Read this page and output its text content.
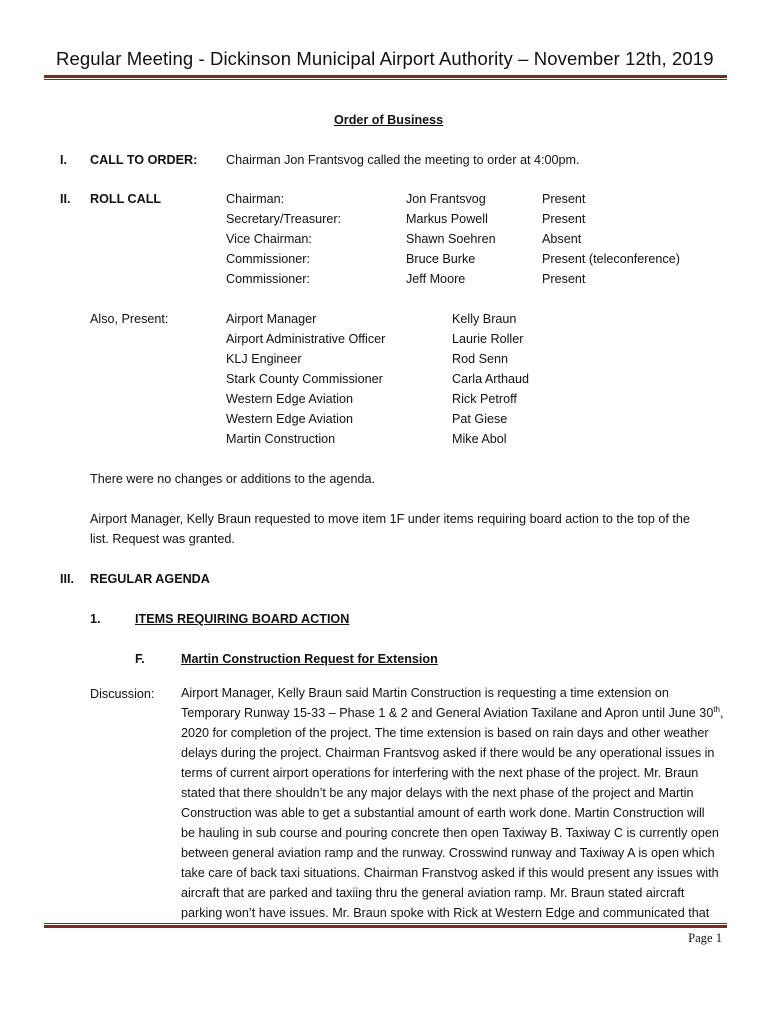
Regular Meeting - Dickinson Municipal Airport Authority – November 12th, 2019
Order of Business
I. CALL TO ORDER: Chairman Jon Frantsvog called the meeting to order at 4:00pm.
II. ROLL CALL	Chairman:	Jon Frantsvog	Present
Secretary/Treasurer:	Markus Powell	Present
Vice Chairman:	Shawn Soehren	Absent
Commissioner:	Bruce Burke	Present (teleconference)
Commissioner:	Jeff Moore	Present
Also, Present:	Airport Manager	Kelly Braun
Airport Administrative Officer	Laurie Roller
KLJ Engineer	Rod Senn
Stark County Commissioner	Carla Arthaud
Western Edge Aviation	Rick Petroff
Western Edge Aviation	Pat Giese
Martin Construction	Mike Abol
There were no changes or additions to the agenda.
Airport Manager, Kelly Braun requested to move item 1F under items requiring board action to the top of the
list. Request was granted.
III. REGULAR AGENDA
1.	ITEMS REQUIRING BOARD ACTION
F.	Martin Construction Request for Extension
Discussion: Airport Manager, Kelly Braun said Martin Construction is requesting a time extension on
Temporary Runway 15-33 – Phase 1 & 2 and General Aviation Taxilane and Apron until June 30th,
2020 for completion of the project. The time extension is based on rain days and other weather
delays during the project. Chairman Frantsvog asked if there would be any operational issues in
terms of current airport operations for interfering with the next phase of the project. Mr. Braun
stated that there shouldn’t be any major delays with the next phase of the project and Martin
Construction was able to get a substantial amount of earth work done. Martin Construction will
be hauling in sub course and pouring concrete then open Taxiway B. Taxiway C is currently open
between general aviation ramp and the runway. Crosswind runway and Taxiway A is open which
take care of back taxi situations. Chairman Franstvog asked if this would present any issues with
aircraft that are parked and taxiing thru the general aviation ramp. Mr. Braun stated aircraft
parking won’t have issues. Mr. Braun spoke with Rick at Western Edge and communicated that
Page 1
